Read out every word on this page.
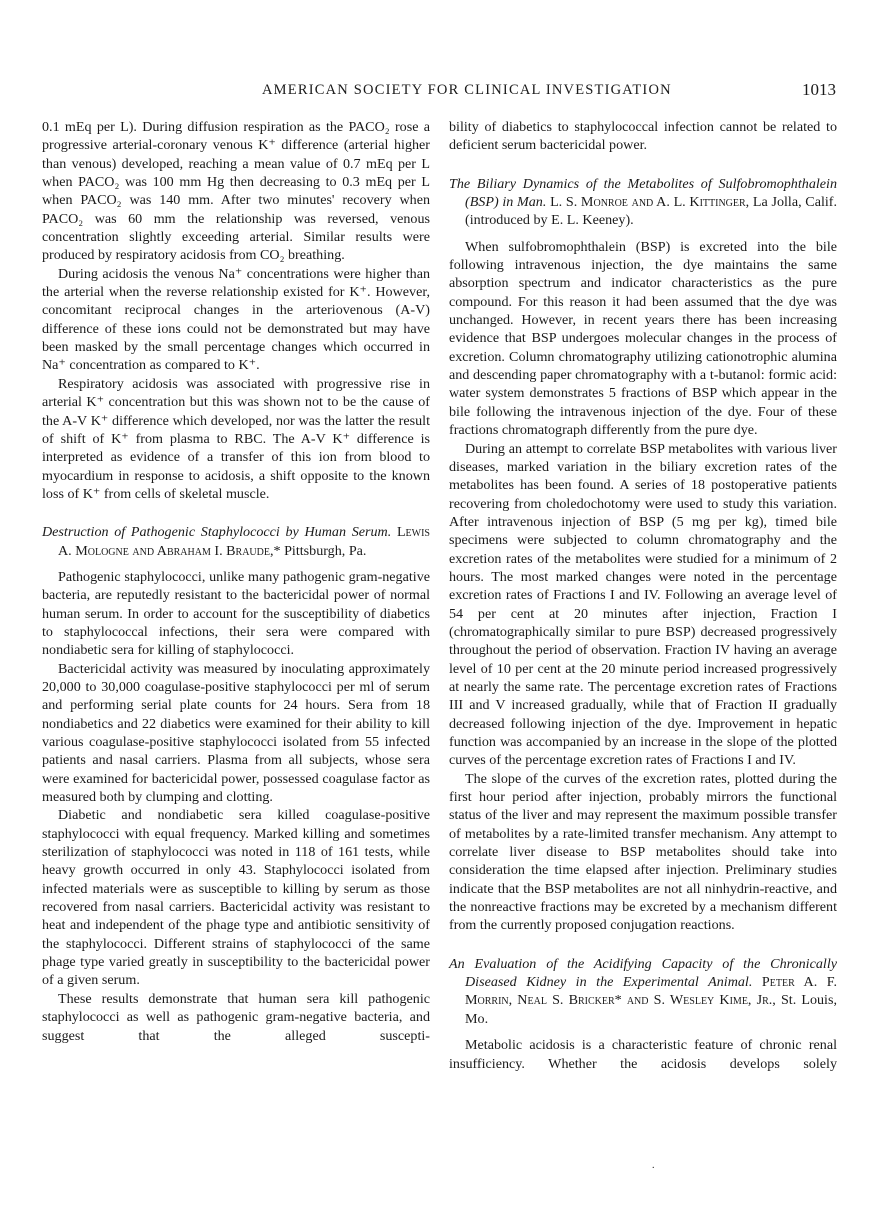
AMERICAN SOCIETY FOR CLINICAL INVESTIGATION	1013

0.1 mEq per L). During diffusion respiration as the PACO₂ rose a progressive arterial-coronary venous K⁺ difference (arterial higher than venous) developed, reaching a mean value of 0.7 mEq per L when PACO₂ was 100 mm Hg then decreasing to 0.3 mEq per L when PACO₂ was 140 mm. After two minutes' recovery when PACO₂ was 60 mm the relationship was reversed, venous concentration slightly exceeding arterial. Similar results were produced by respiratory acidosis from CO₂ breathing.

During acidosis the venous Na⁺ concentrations were higher than the arterial when the reverse relationship existed for K⁺. However, concomitant reciprocal changes in the arteriovenous (A-V) difference of these ions could not be demonstrated but may have been masked by the small percentage changes which occurred in Na⁺ concentration as compared to K⁺.

Respiratory acidosis was associated with progressive rise in arterial K⁺ concentration but this was shown not to be the cause of the A-V K⁺ difference which developed, nor was the latter the result of shift of K⁺ from plasma to RBC. The A-V K⁺ difference is interpreted as evidence of a transfer of this ion from blood to myocardium in response to acidosis, a shift opposite to the known loss of K⁺ from cells of skeletal muscle.

Destruction of Pathogenic Staphylococci by Human Serum. Lewis A. Mologne and Abraham I. Braude,* Pittsburgh, Pa.

Pathogenic staphylococci, unlike many pathogenic gram-negative bacteria, are reputedly resistant to the bactericidal power of normal human serum. In order to account for the susceptibility of diabetics to staphylococcal infections, their sera were compared with nondiabetic sera for killing of staphylococci.

Bactericidal activity was measured by inoculating approximately 20,000 to 30,000 coagulase-positive staphylococci per ml of serum and performing serial plate counts for 24 hours. Sera from 18 nondiabetics and 22 diabetics were examined for their ability to kill various coagulase-positive staphylococci isolated from 55 infected patients and nasal carriers. Plasma from all subjects, whose sera were examined for bactericidal power, possessed coagulase factor as measured both by clumping and clotting.

Diabetic and nondiabetic sera killed coagulase-positive staphylococci with equal frequency. Marked killing and sometimes sterilization of staphylococci was noted in 118 of 161 tests, while heavy growth occurred in only 43. Staphylococci isolated from infected materials were as susceptible to killing by serum as those recovered from nasal carriers. Bactericidal activity was resistant to heat and independent of the phage type and antibiotic sensitivity of the staphylococci. Different strains of staphylococci of the same phage type varied greatly in susceptibility to the bactericidal power of a given serum.

These results demonstrate that human sera kill pathogenic staphylococci as well as pathogenic gram-negative bacteria, and suggest that the alleged suscepti-

bility of diabetics to staphylococcal infection cannot be related to deficient serum bactericidal power.

The Biliary Dynamics of the Metabolites of Sulfobromophthalein (BSP) in Man. L. S. Monroe and A. L. Kittinger, La Jolla, Calif. (introduced by E. L. Keeney).

When sulfobromophthalein (BSP) is excreted into the bile following intravenous injection, the dye maintains the same absorption spectrum and indicator characteristics as the pure compound. For this reason it had been assumed that the dye was unchanged. However, in recent years there has been increasing evidence that BSP undergoes molecular changes in the process of excretion. Column chromatography utilizing cationotrophic alumina and descending paper chromatography with a t-butanol: formic acid: water system demonstrates 5 fractions of BSP which appear in the bile following the intravenous injection of the dye. Four of these fractions chromatograph differently from the pure dye.

During an attempt to correlate BSP metabolites with various liver diseases, marked variation in the biliary excretion rates of the metabolites has been found. A series of 18 postoperative patients recovering from choledochotomy were used to study this variation. After intravenous injection of BSP (5 mg per kg), timed bile specimens were subjected to column chromatography and the excretion rates of the metabolites were studied for a minimum of 2 hours. The most marked changes were noted in the percentage excretion rates of Fractions I and IV. Following an average level of 54 per cent at 20 minutes after injection, Fraction I (chromatographically similar to pure BSP) decreased progressively throughout the period of observation. Fraction IV having an average level of 10 per cent at the 20 minute period increased progressively at nearly the same rate. The percentage excretion rates of Fractions III and V increased gradually, while that of Fraction II gradually decreased following injection of the dye. Improvement in hepatic function was accompanied by an increase in the slope of the plotted curves of the percentage excretion rates of Fractions I and IV.

The slope of the curves of the excretion rates, plotted during the first hour period after injection, probably mirrors the functional status of the liver and may represent the maximum possible transfer of metabolites by a rate-limited transfer mechanism. Any attempt to correlate liver disease to BSP metabolites should take into consideration the time elapsed after injection. Preliminary studies indicate that the BSP metabolites are not all ninhydrin-reactive, and the nonreactive fractions may be excreted by a mechanism different from the currently proposed conjugation reactions.

An Evaluation of the Acidifying Capacity of the Chronically Diseased Kidney in the Experimental Animal. Peter A. F. Morrin, Neal S. Bricker* and S. Wesley Kime, Jr., St. Louis, Mo.

Metabolic acidosis is a characteristic feature of chronic renal insufficiency. Whether the acidosis develops solely

.
